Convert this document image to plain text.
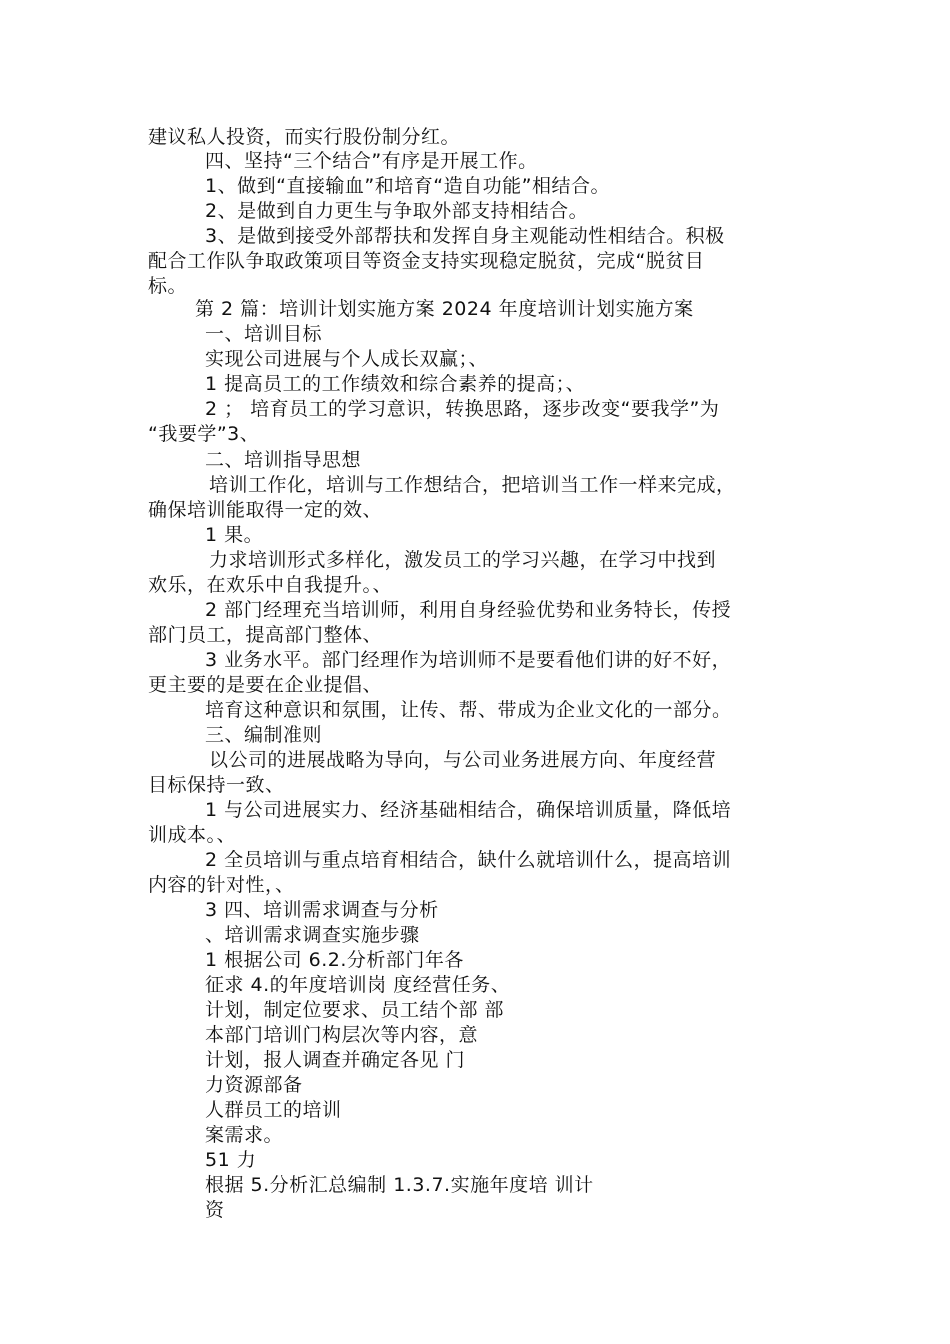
建议私人投资，而实行股份制分红。
四、坚持“三个结合”有序是开展工作。
1、做到“直接输血”和培育“造自功能”相结合。
2、是做到自力更生与争取外部支持相结合。
3、是做到接受外部帮扶和发挥自身主观能动性相结合。积极
配合工作队争取政策项目等资金支持实现稳定脱贫，完成“脱贫目
标。
第 2 篇：培训计划实施方案 2024 年度培训计划实施方案
一、培训目标
实现公司进展与个人成长双赢；、
1 提高员工的工作绩效和综合素养的提高；、
2 ； 培育员工的学习意识，转换思路，逐步改变“要我学”为
“我要学”3、
二、培训指导思想
培训工作化，培训与工作想结合，把培训当工作一样来完成，
确保培训能取得一定的效、
1 果。
力求培训形式多样化，激发员工的学习兴趣，在学习中找到
欢乐，在欢乐中自我提升。、
2 部门经理充当培训师，利用自身经验优势和业务特长，传授
部门员工，提高部门整体、
3 业务水平。部门经理作为培训师不是要看他们讲的好不好，
更主要的是要在企业提倡、
培育这种意识和氛围，让传、帮、带成为企业文化的一部分。
三、编制准则
以公司的进展战略为导向，与公司业务进展方向、年度经营
目标保持一致、
1 与公司进展实力、经济基础相结合，确保培训质量，降低培
训成本。、
2 全员培训与重点培育相结合，缺什么就培训什么，提高培训
内容的针对性，、
3 四、培训需求调查与分析
、培训需求调查实施步骤
1 根据公司 6.2.分析部门年各
征求 4.的年度培训岗 度经营任务、
计划，制定位要求、员工结个部 部
本部门培训门构层次等内容，意
计划，报人调查并确定各见 门
力资源部备
人群员工的培训
案需求。
51 力
根据 5.分析汇总编制 1.3.7.实施年度培 训计
资
